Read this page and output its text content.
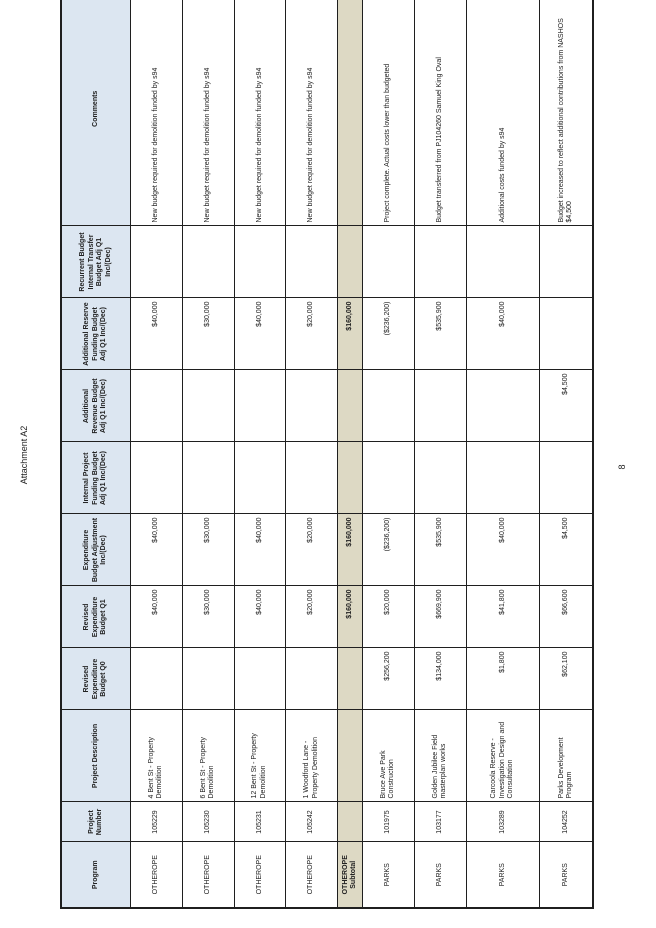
Attachment A2	8
Program	Project Number	Project Description	Revised Expenditure Budget Q0	Revised Expenditure Budget Q1	Expenditure Budget Adjustment Inc/(Dec)	Internal Project Funding Budget Adj Q1 Inc/(Dec)	Additional Revenue Budget Adj Q1 Inc/(Dec)	Additional Reserve Funding Budget Adj Q1 Inc/(Dec)	Recurrent Budget Internal Transfer Budget Adj Q1 Inc/(Dec)	Comments
OTHEROPE	105229	4 Bent St - Property Demolition		$40,000	$40,000			$40,000		New budget required for demolition funded by s94
OTHEROPE	105230	6 Bent St - Property Demolition		$30,000	$30,000			$30,000		New budget required for demolition funded by s94
OTHEROPE	105231	12 Bent St - Property Demolition		$40,000	$40,000			$40,000		New budget required for demolition funded by s94
OTHEROPE	105242	1 Woodford Lane - Property Demolition		$20,000	$20,000			$20,000		New budget required for demolition funded by s94
OTHEROPE Subtotal				$160,000	$160,000			$160,000		
PARKS	101975	Bruce Ave Park Construction	$256,200	$20,000	($236,200)			($236,200)		Project complete. Actual costs lower than budgeted
PARKS	103177	Golden Jubilee Field masterplan works	$134,000	$669,900	$535,900			$535,900		Budget transferred from PJ104260 Samuel King Oval
PARKS	103289	Carcoola Reserve - Investigation Design and Consultation	$1,800	$41,800	$40,000			$40,000		Additional costs funded by s94
PARKS	104252	Parks Development Program	$62,100	$66,600	$4,500		$4,500			Budget increased to reflect additional contributions from NASHOS $4,500
